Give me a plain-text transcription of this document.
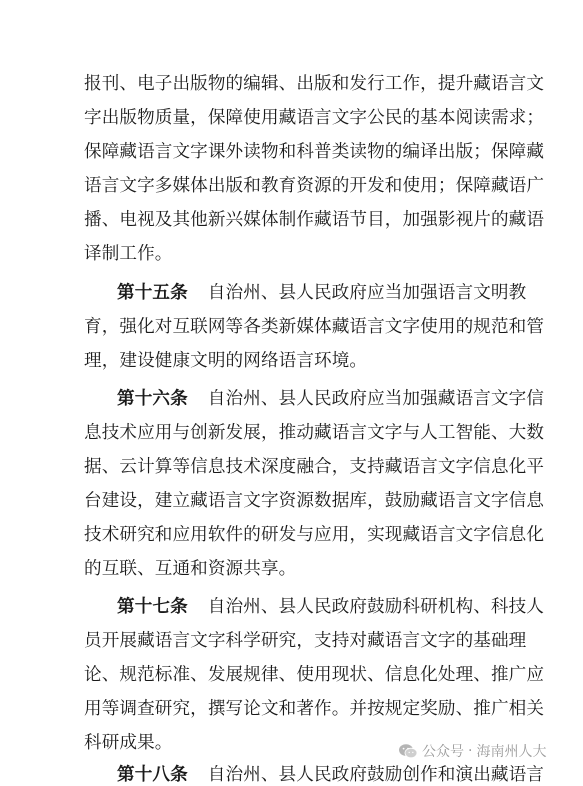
报刊、电子出版物的编辑、出版和发行工作，提升藏语言文
字出版物质量，保障使用藏语言文字公民的基本阅读需求；
保障藏语言文字课外读物和科普类读物的编译出版；保障藏
语言文字多媒体出版和教育资源的开发和使用；保障藏语广
播、电视及其他新兴媒体制作藏语节目，加强影视片的藏语
译制工作。
第十五条 自治州、县人民政府应当加强语言文明教
育，强化对互联网等各类新媒体藏语言文字使用的规范和管
理，建设健康文明的网络语言环境。
第十六条 自治州、县人民政府应当加强藏语言文字信
息技术应用与创新发展，推动藏语言文字与人工智能、大数
据、云计算等信息技术深度融合，支持藏语言文字信息化平
台建设，建立藏语言文字资源数据库，鼓励藏语言文字信息
技术研究和应用软件的研发与应用，实现藏语言文字信息化
的互联、互通和资源共享。
第十七条 自治州、县人民政府鼓励科研机构、科技人
员开展藏语言文字科学研究，支持对藏语言文字的基础理
论、规范标准、发展规律、使用现状、信息化处理、推广应
用等调查研究，撰写论文和著作。并按规定奖励、推广相关
科研成果。
第十八条 自治州、县人民政府鼓励创作和演出藏语言
公众号 · 海南州人大
